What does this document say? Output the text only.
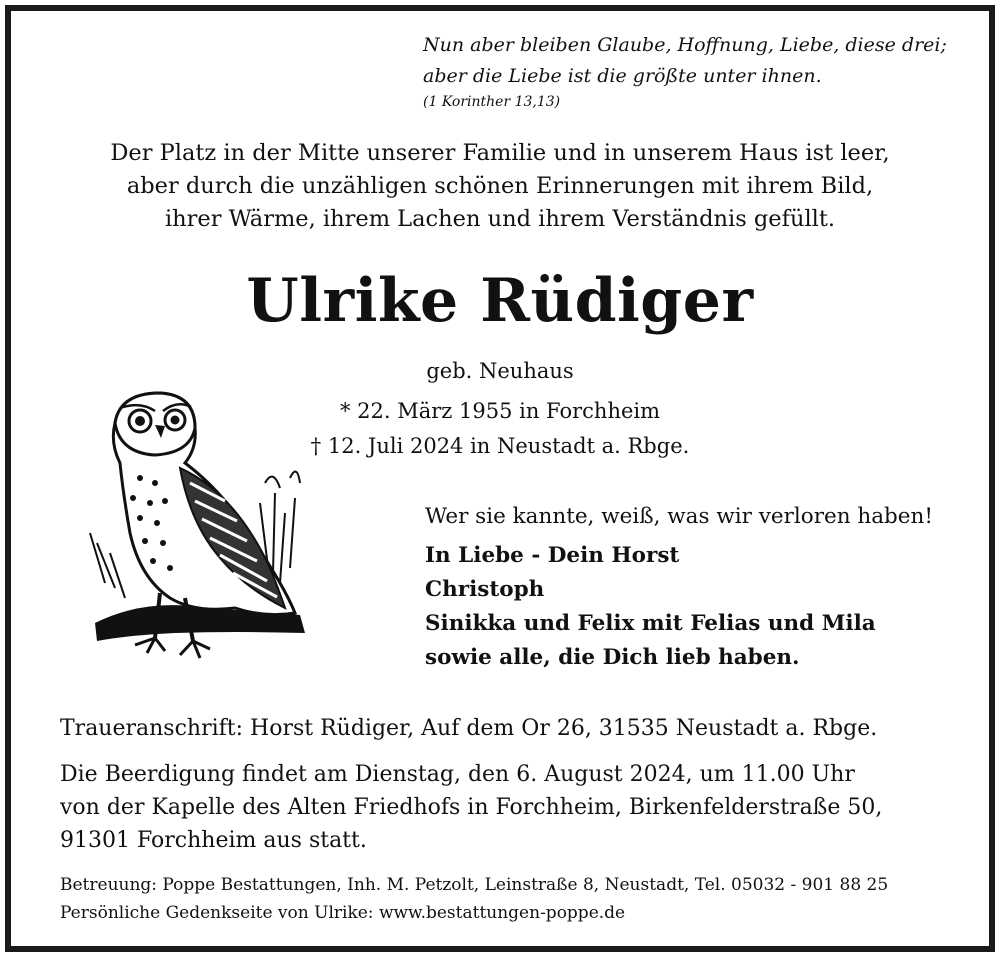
Nun aber bleiben Glaube, Hoffnung, Liebe, diese drei;
aber die Liebe ist die größte unter ihnen.
(1 Korinther 13,13)
Der Platz in der Mitte unserer Familie und in unserem Haus ist leer,
aber durch die unzähligen schönen Erinnerungen mit ihrem Bild,
ihrer Wärme, ihrem Lachen und ihrem Verständnis gefüllt.
Ulrike Rüdiger
geb. Neuhaus
* 22. März 1955 in Forchheim
† 12. Juli 2024 in Neustadt a. Rbge.
Wer sie kannte, weiß, was wir verloren haben!
In Liebe - Dein Horst
Christoph
Sinikka und Felix mit Felias und Mila
sowie alle, die Dich lieb haben.
Traueranschrift: Horst Rüdiger, Auf dem Or 26, 31535 Neustadt a. Rbge.
Die Beerdigung findet am Dienstag, den 6. August 2024, um 11.00 Uhr
von der Kapelle des Alten Friedhofs in Forchheim, Birkenfelderstraße 50,
91301 Forchheim aus statt.
Betreuung: Poppe Bestattungen, Inh. M. Petzolt, Leinstraße 8, Neustadt, Tel. 05032 - 901 88 25
Persönliche Gedenkseite von Ulrike: www.bestattungen-poppe.de
